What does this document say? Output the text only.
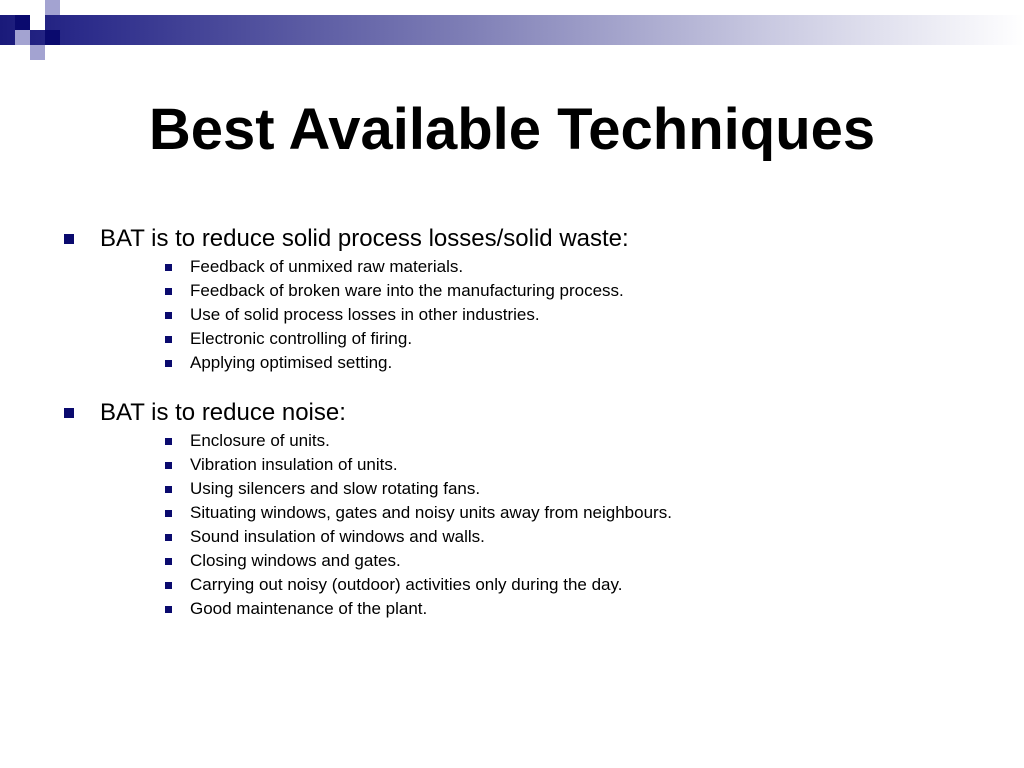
Best Available Techniques
BAT is to reduce solid process losses/solid waste:
Feedback of unmixed raw materials.
Feedback of broken ware into the manufacturing process.
Use of solid process losses in other industries.
Electronic controlling of firing.
Applying optimised setting.
BAT is to reduce noise:
Enclosure of units.
Vibration insulation of units.
Using silencers and slow rotating fans.
Situating windows, gates and noisy units away from neighbours.
Sound insulation of windows and walls.
Closing windows and gates.
Carrying out noisy (outdoor) activities only during the day.
Good maintenance of the plant.
